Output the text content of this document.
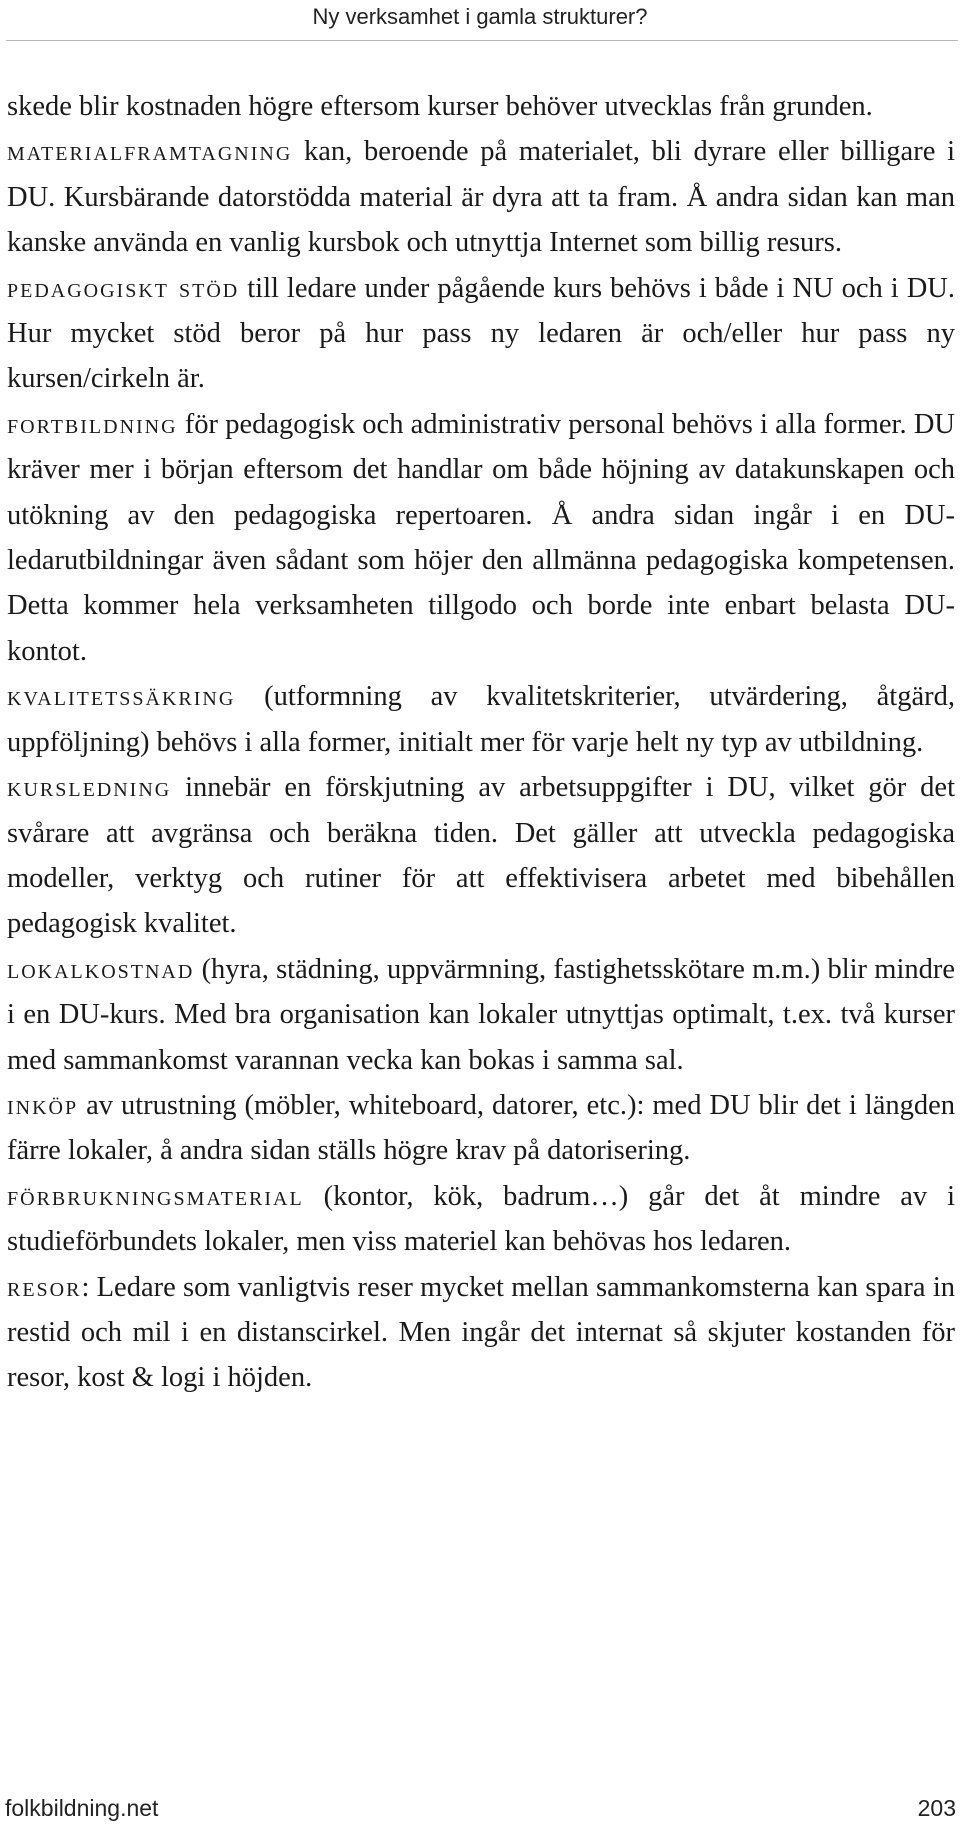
Ny verksamhet i gamla strukturer?

skede blir kostnaden högre eftersom kurser behöver utvecklas från grunden.

materialframtagning kan, beroende på materialet, bli dyrare eller billigare i DU. Kursbärande datorstödda material är dyra att ta fram. Å andra sidan kan man kanske använda en vanlig kursbok och utnyttja Internet som billig resurs.

pedagogiskt stöd till ledare under pågående kurs behövs i både i NU och i DU. Hur mycket stöd beror på hur pass ny ledaren är och/eller hur pass ny kursen/cirkeln är.

fortbildning för pedagogisk och administrativ personal behövs i alla former. DU kräver mer i början eftersom det handlar om både höjning av datakunskapen och utökning av den pedagogiska repertoaren. Å andra sidan ingår i en DU-ledarutbildningar även sådant som höjer den allmänna pedagogiska kompetensen. Detta kommer hela verksamheten tillgodo och borde inte enbart belasta DU-kontot.

kvalitetssäkring (utformning av kvalitetskriterier, utvärdering, åtgärd, uppföljning) behövs i alla former, initialt mer för varje helt ny typ av utbildning.

kursledning innebär en förskjutning av arbetsuppgifter i DU, vilket gör det svårare att avgränsa och beräkna tiden. Det gäller att utveckla pedagogiska modeller, verktyg och rutiner för att effektivisera arbetet med bibehållen pedagogisk kvalitet.

lokalkostnad (hyra, städning, uppvärmning, fastighetsskötare m.m.) blir mindre i en DU-kurs. Med bra organisation kan lokaler utnyttjas optimalt, t.ex. två kurser med sammankomst varannan vecka kan bokas i samma sal.

inköp av utrustning (möbler, whiteboard, datorer, etc.): med DU blir det i längden färre lokaler, å andra sidan ställs högre krav på datorisering.

förbrukningsmaterial (kontor, kök, badrum…) går det åt mindre av i studieförbundets lokaler, men viss materiel kan behövas hos ledaren.

resor: Ledare som vanligtvis reser mycket mellan sammankomsterna kan spara in restid och mil i en distanscirkel. Men ingår det internat så skjuter kostanden för resor, kost & logi i höjden.

folkbildning.net	203
